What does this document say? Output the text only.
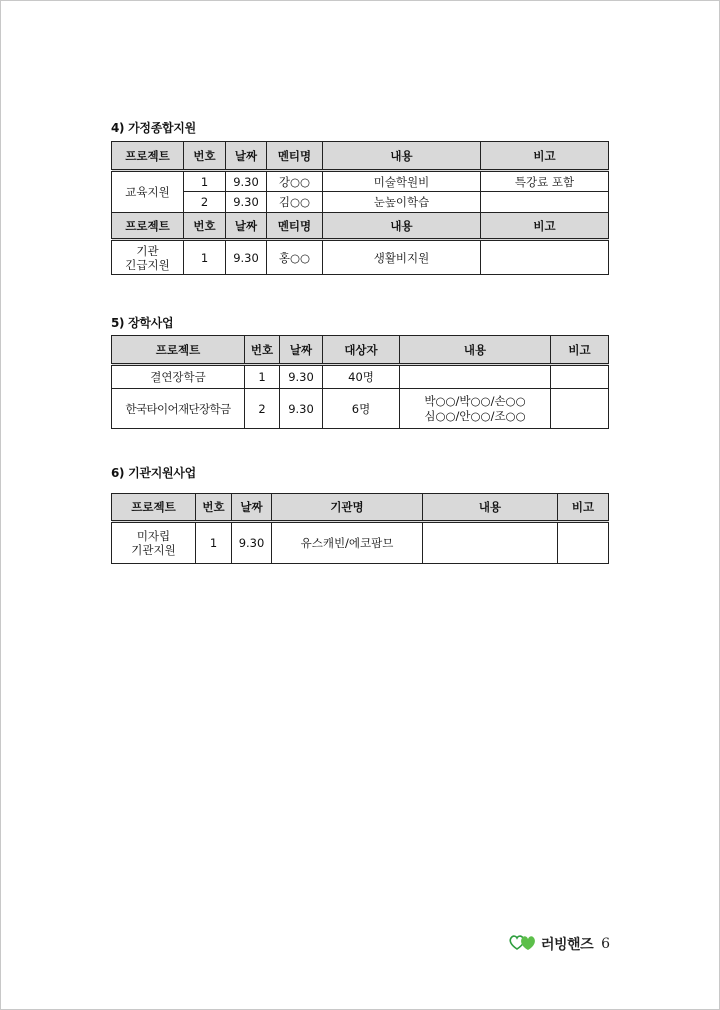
4) 가정종합지원
프로젝트	번호	날짜	멘티명	내용	비고
교육지원	1	9.30	강○○	미술학원비	특강료 포함
	2	9.30	김○○	눈높이학습	
프로젝트	번호	날짜	멘티명	내용	비고
기관
긴급지원	1	9.30	홍○○	생활비지원	
5) 장학사업
프로젝트	번호	날짜	대상자	내용	비고
결연장학금	1	9.30	40명		
한국타이어재단장학금	2	9.30	6명	박○○/박○○/손○○
심○○/안○○/조○○	
6) 기관지원사업
프로젝트	번호	날짜	기관명	내용	비고
미자립
기관지원	1	9.30	유스캐빈/에코팜므		
러빙핸즈 6
